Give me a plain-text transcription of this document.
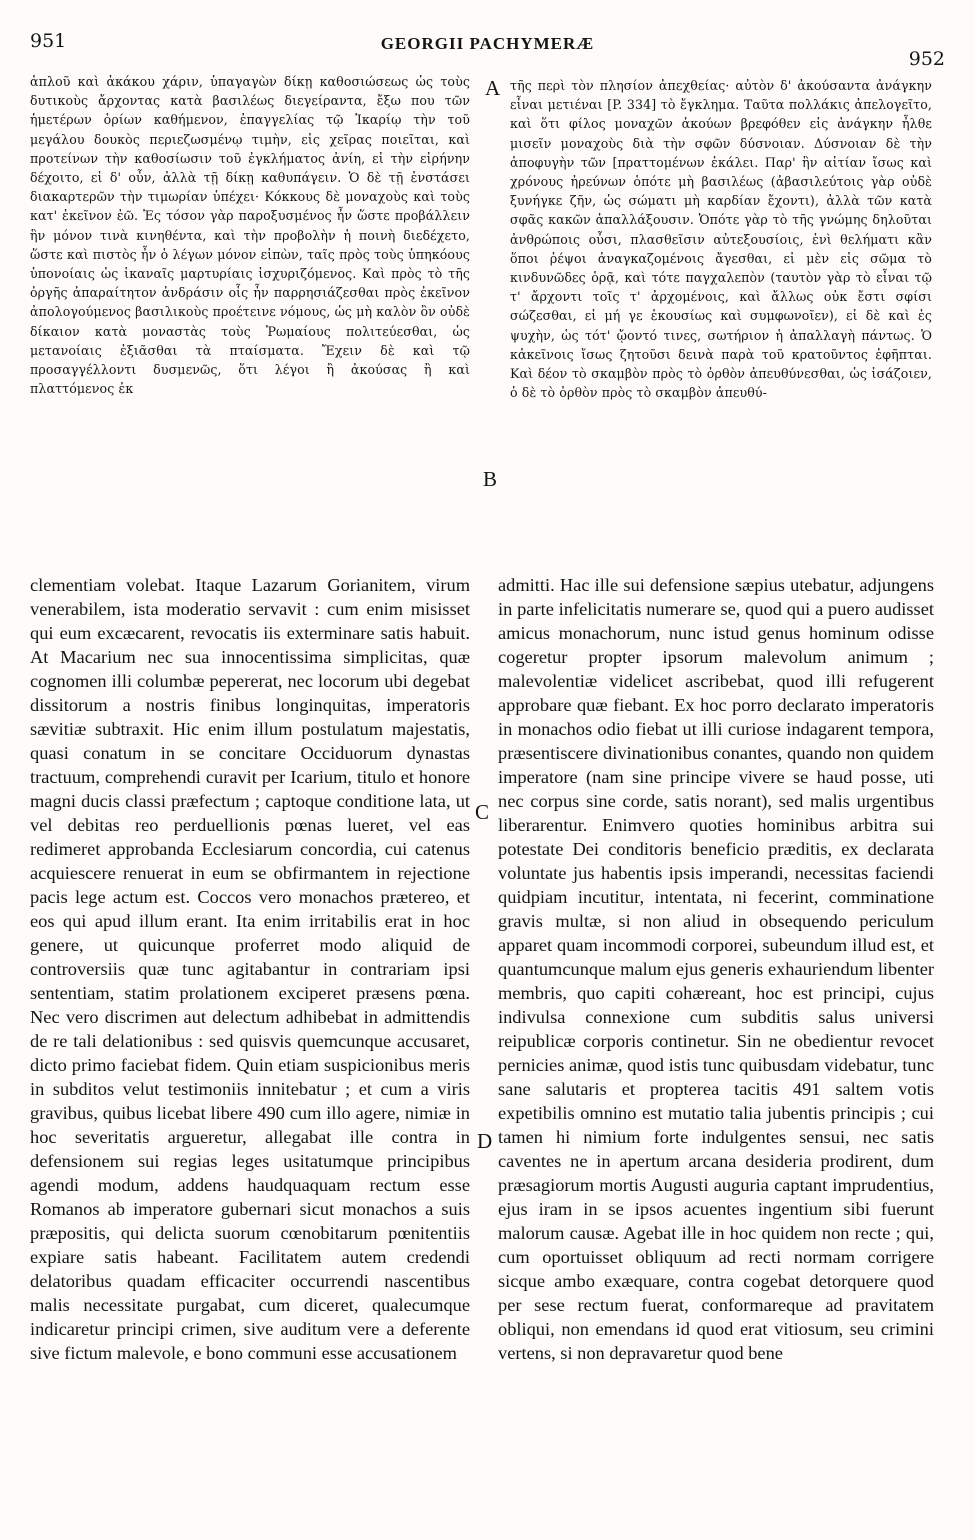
951	GEORGII PACHYMERÆ
952

ἁπλοῦ καὶ ἀκάκου χάριν, ὑπαγαγὼν δίκῃ καθοσιώσεως ὡς τοὺς δυτικοὺς ἄρχοντας κατὰ βασιλέως διεγείραντα, ἔξω που τῶν ἡμετέρων ὁρίων καθήμενον, ἐπαγγελίας τῷ Ἰκαρίῳ τὴν τοῦ μεγάλου δουκὸς περιεζωσμένῳ τιμὴν, εἰς χεῖρας ποιεῖται, καὶ προτείνων τὴν καθοσίωσιν τοῦ ἐγκλήματος ἀνίη, εἰ τὴν εἰρήνην δέχοιτο, εἰ δ' οὖν, ἀλλὰ τῇ δίκῃ καθυπάγειν. Ὁ δὲ τῇ ἐνστάσει διακαρτερῶν τὴν τιμωρίαν ὑπέχει· Κόκκους δὲ μοναχοὺς καὶ τοὺς κατ' ἐκεῖνον ἐῶ. Ἐς τόσον γὰρ παροξυσμένος ἦν ὥστε προβάλλειν ἣν μόνον τινὰ κινηθέντα, καὶ τὴν προβολὴν ἡ ποινὴ διεδέχετο, ὥστε καὶ πιστὸς ἦν ὁ λέγων μόνον εἰπὼν, ταῖς πρὸς τοὺς ὑπηκόους ὑπονοίαις ὡς ἱκαναῖς μαρτυρίαις ἰσχυριζόμενος. Καὶ πρὸς τὸ τῆς ὀργῆς ἀπαραίτητον ἀνδράσιν οἷς ἦν παρρησιάζεσθαι πρὸς ἐκεῖνον ἀπολογούμενος βασιλικοὺς προέτεινε νόμους, ὡς μὴ καλὸν ὂν οὐδὲ δίκαιον κατὰ μοναστὰς τοὺς Ῥωμαίους πολιτεύεσθαι, ὡς μετανοίαις ἐξιᾶσθαι τὰ πταίσματα. Ἔχειν δὲ καὶ τῷ προσαγγέλλοντι δυσμενῶς, ὅτι λέγοι ἢ ἀκούσας ἢ καὶ πλαττόμενος ἐκ

τῆς περὶ τὸν πλησίον ἀπεχθείας· αὐτὸν δ' ἀκούσαντα ἀνάγκην εἶναι μετιέναι [P. 334] τὸ ἔγκλημα. Ταῦτα πολλάκις ἀπελογεῖτο, καὶ ὅτι φίλος μοναχῶν ἀκούων βρεφόθεν εἰς ἀνάγκην ἦλθε μισεῖν μοναχοὺς διὰ τὴν σφῶν δύσνοιαν. Δύσνοιαν δὲ τὴν ἀποφυγὴν τῶν [πραττομένων ἐκάλει. Παρ' ἣν αἰτίαν ἴσως καὶ χρόνους ἠρεύνων ὁπότε μὴ βασιλέως (ἀβασιλεύτοις γὰρ οὐδὲ ξυνήγκε ζῆν, ὡς σώματι μὴ καρδίαν ἔχοντι), ἀλλὰ τῶν κατὰ σφᾶς κακῶν ἀπαλλάξουσιν. Ὁπότε γὰρ τὸ τῆς γνώμης δηλοῦται ἀνθρώποις οὖσι, πλασθεῖσιν αὐτεξουσίοις, ἑνὶ θελήματι κἂν ὅποι ῥέψοι ἀναγκαζομένοις ἄγεσθαι, εἰ μὲν εἰς σῶμα τὸ κινδυνῶδες ὁρᾷ, καὶ τότε παγχαλεπὸν (ταυτὸν γὰρ τὸ εἶναι τῷ τ' ἄρχοντι τοῖς τ' ἀρχομένοις, καὶ ἄλλως οὐκ ἔστι σφίσι σώζεσθαι, εἰ μή γε ἑκουσίως καὶ συμφωνοῖεν), εἰ δὲ καὶ ἐς ψυχὴν, ὡς τότ' ᾤοντό τινες, σωτήριον ἡ ἀπαλλαγὴ πάντως. Ὁ κἀκεῖνοις ἴσως ζητοῦσι δεινὰ παρὰ τοῦ κρατοῦντος ἐφῆπται. Καὶ δέον τὸ σκαμβὸν πρὸς τὸ ὀρθὸν ἀπευθύνεσθαι, ὡς ἰσάζοιεν, ὁ δὲ τὸ ὀρθὸν πρὸς τὸ σκαμβὸν ἀπευθύ-

A
B
C
D

clementiam volebat. Itaque Lazarum Gorianitem, virum venerabilem, ista moderatio servavit : cum enim misisset qui eum excæcarent, revocatis iis exterminare satis habuit. At Macarium nec sua innocentissima simplicitas, quæ cognomen illi columbæ pepererat, nec locorum ubi degebat dissitorum a nostris finibus longinquitas, imperatoris sævitiæ subtraxit. Hic enim illum postulatum majestatis, quasi conatum in se concitare Occiduorum dynastas tractuum, comprehendi curavit per Icarium, titulo et honore magni ducis classi præfectum ; captoque conditione lata, ut vel debitas reo perduellionis pœnas lueret, vel eas redimeret approbanda Ecclesiarum concordia, cui catenus acquiescere renuerat in eum se obfirmantem in rejectione pacis lege actum est. Coccos vero monachos prætereo, et eos qui apud illum erant. Ita enim irritabilis erat in hoc genere, ut quicunque proferret modo aliquid de controversiis quæ tunc agitabantur in contrariam ipsi sententiam, statim prolationem exciperet præsens pœna. Nec vero discrimen aut delectum adhibebat in admittendis de re tali delationibus : sed quisvis quemcunque accusaret, dicto primo faciebat fidem. Quin etiam suspicionibus meris in subditos velut testimoniis innitebatur ; et cum a viris gravibus, quibus licebat libere 490 cum illo agere, nimiæ in hoc severitatis argueretur, allegabat ille contra in defensionem sui regias leges usitatumque principibus agendi modum, addens haudquaquam rectum esse Romanos ab imperatore gubernari sicut monachos a suis præpositis, qui delicta suorum cœnobitarum pœnitentiis expiare satis habeant. Facilitatem autem credendi delatoribus quadam efficaciter occurrendi nascentibus malis necessitate purgabat, cum diceret, qualecumque indicaretur principi crimen, sive auditum vere a deferente sive fictum malevole, e bono communi esse accusationem

admitti. Hac ille sui defensione sæpius utebatur, adjungens in parte infelicitatis numerare se, quod qui a puero audisset amicus monachorum, nunc istud genus hominum odisse cogeretur propter ipsorum malevolum animum ; malevolentiæ videlicet ascribebat, quod illi refugerent approbare quæ fiebant. Ex hoc porro declarato imperatoris in monachos odio fiebat ut illi curiose indagarent tempora, præsentiscere divinationibus conantes, quando non quidem imperatore (nam sine principe vivere se haud posse, uti nec corpus sine corde, satis norant), sed malis urgentibus liberarentur. Enimvero quoties hominibus arbitra sui potestate Dei conditoris beneficio præditis, ex declarata voluntate jus habentis ipsis imperandi, necessitas faciendi quidpiam incutitur, intentata, ni fecerint, comminatione gravis multæ, si non aliud in obsequendo periculum apparet quam incommodi corporei, subeundum illud est, et quantumcunque malum ejus generis exhauriendum libenter membris, quo capiti cohæreant, hoc est principi, cujus indivulsa connexione cum subditis salus universi reipublicæ corporis continetur. Sin ne obedientur revocet pernicies animæ, quod istis tunc quibusdam videbatur, tunc sane salutaris et propterea tacitis 491 saltem votis expetibilis omnino est mutatio talia jubentis principis ; cui tamen hi nimium forte indulgentes sensui, nec satis caventes ne in apertum arcana desideria prodirent, dum præsagiorum mortis Augusti auguria captant imprudentius, ejus iram in se ipsos acuentes ingentium sibi fuerunt malorum causæ. Agebat ille in hoc quidem non recte ; qui, cum oportuisset obliquum ad recti normam corrigere sicque ambo exæquare, contra cogebat detorquere quod per sese rectum fuerat, conformareque ad pravitatem obliqui, non emendans id quod erat vitiosum, seu crimini vertens, si non depravaretur quod bene
